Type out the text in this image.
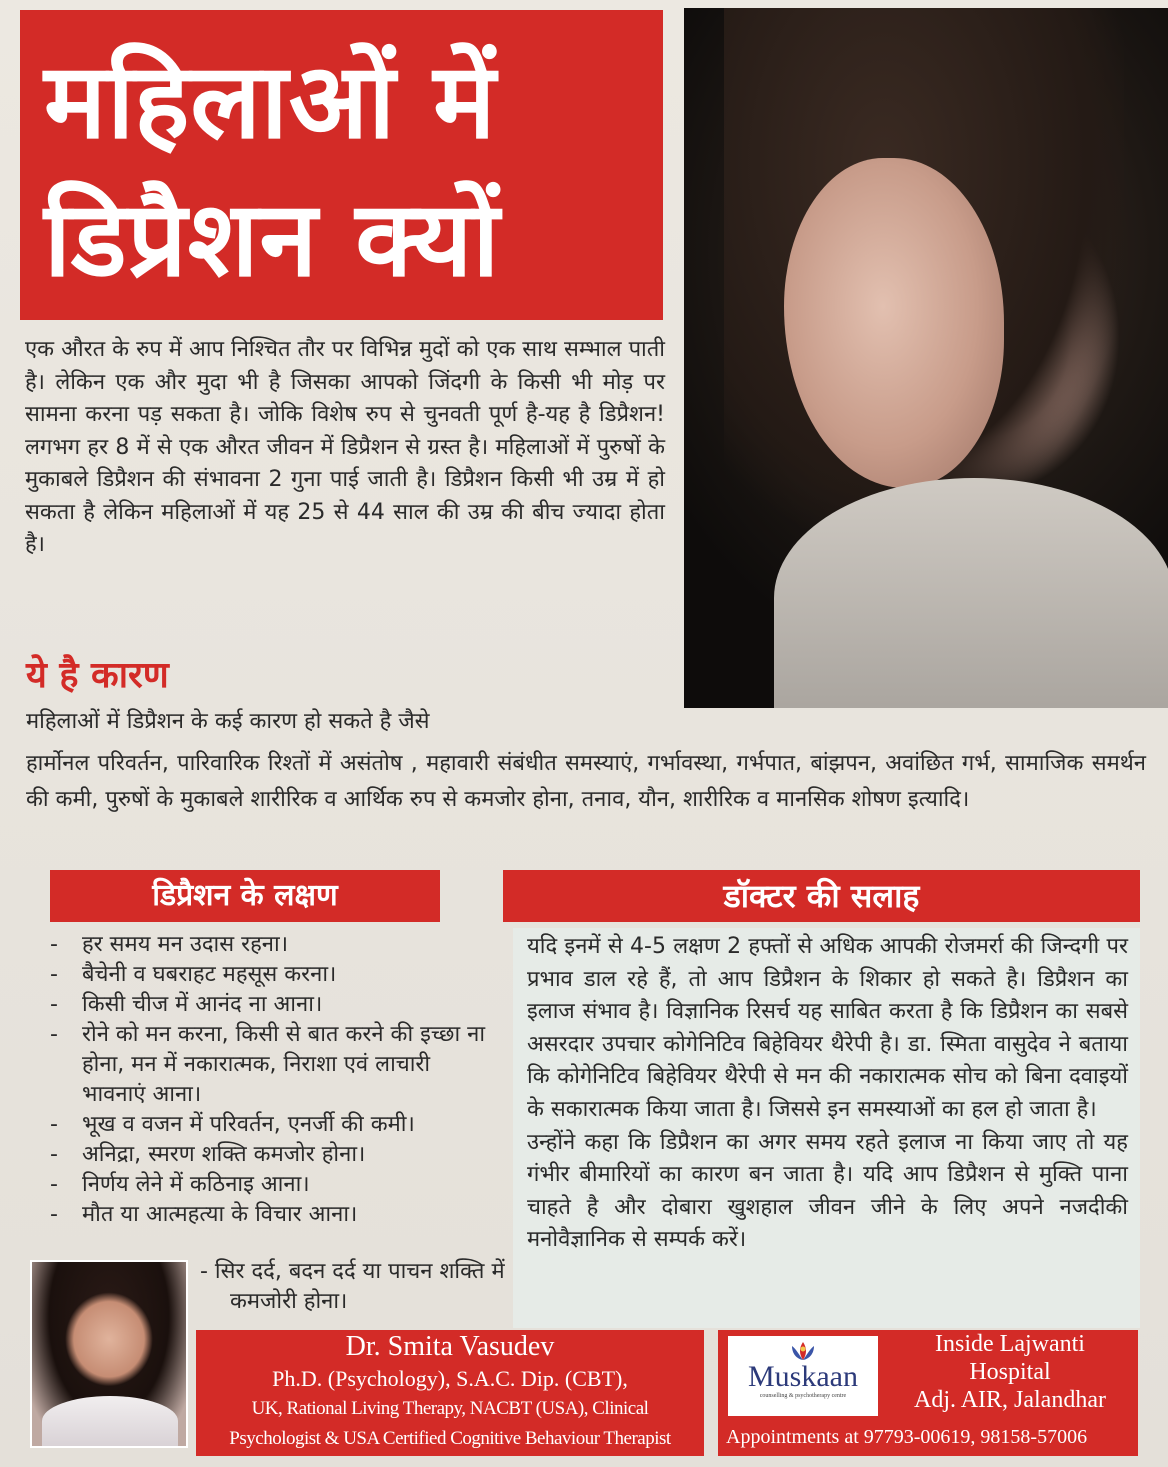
महिलाओं में
डिप्रैशन क्यों

एक औरत के रुप में आप निश्चित तौर पर विभिन्न मुदों को एक साथ सम्भाल पाती है। लेकिन एक और मुदा भी है जिसका आपको जिंदगी के किसी भी मोड़ पर सामना करना पड़ सकता है। जोकि विशेष रुप से चुनवती पूर्ण है-यह है डिप्रैशन! लगभग हर 8 में से एक औरत जीवन में डिप्रैशन से ग्रस्त है। महिलाओं में पुरुषों के मुकाबले डिप्रैशन की संभावना 2 गुना पाई जाती है। डिप्रैशन किसी भी उम्र में हो सकता है लेकिन महिलाओं में यह 25 से 44 साल की उम्र की बीच ज्यादा होता है।

ये है कारण

महिलाओं में डिप्रैशन के कई कारण हो सकते है जैसे

हार्मोनल परिवर्तन, पारिवारिक रिश्तों में असंतोष , महावारी संबंधीत समस्याएं, गर्भावस्था, गर्भपात, बांझपन, अवांछित गर्भ, सामाजिक समर्थन की कमी, पुरुषों के मुकाबले शारीरिक व आर्थिक रुप से कमजोर होना, तनाव, यौन, शारीरिक व मानसिक शोषण इत्यादि।

डिप्रैशन के लक्षण	डॉक्टर की सलाह
- हर समय मन उदास रहना।
- बैचेनी व घबराहट महसूस करना।
- किसी चीज में आनंद ना आना।
- रोने को मन करना, किसी से बात करने की इच्छा ना होना, मन में नकारात्मक, निराशा एवं लाचारी भावनाएं आना।
- भूख व वजन में परिवर्तन, एनर्जी की कमी।
- अनिद्रा, स्मरण शक्ति कमजोर होना।
- निर्णय लेने में कठिनाइ आना।
- मौत या आत्महत्या के विचार आना।

- सिर दर्द, बदन दर्द या पाचन शक्ति में कमजोरी होना।

यदि इनमें से 4-5 लक्षण 2 हफ्तों से अधिक आपकी रोजमर्रा की जिन्दगी पर प्रभाव डाल रहे हैं, तो आप डिप्रैशन के शिकार हो सकते है। डिप्रैशन का इलाज संभाव है। विज्ञानिक रिसर्च यह साबित करता है कि डिप्रैशन का सबसे असरदार उपचार कोगेनिटिव बिहेवियर थैरेपी है। डा. स्मिता वासुदेव ने बताया कि कोगेनिटिव बिहेवियर थैरेपी से मन की नकारात्मक सोच को बिना दवाइयों के सकारात्मक किया जाता है। जिससे इन समस्याओं का हल हो जाता है।

उन्होंने कहा कि डिप्रैशन का अगर समय रहते इलाज ना किया जाए तो यह गंभीर बीमारियों का कारण बन जाता है। यदि आप डिप्रैशन से मुक्ति पाना चाहते है और दोबारा खुशहाल जीवन जीने के लिए अपने नजदीकी मनोवैज्ञानिक से सम्पर्क करें।

Dr. Smita Vasudev
Ph.D. (Psychology), S.A.C. Dip. (CBT),
UK, Rational Living Therapy, NACBT (USA), Clinical
Psychologist & USA Certified Cognitive Behaviour Therapist
Muskaan
counselling & psychotherapy centre
Inside Lajwanti
Hospital
Adj. AIR, Jalandhar
Appointments at 97793-00619, 98158-57006
